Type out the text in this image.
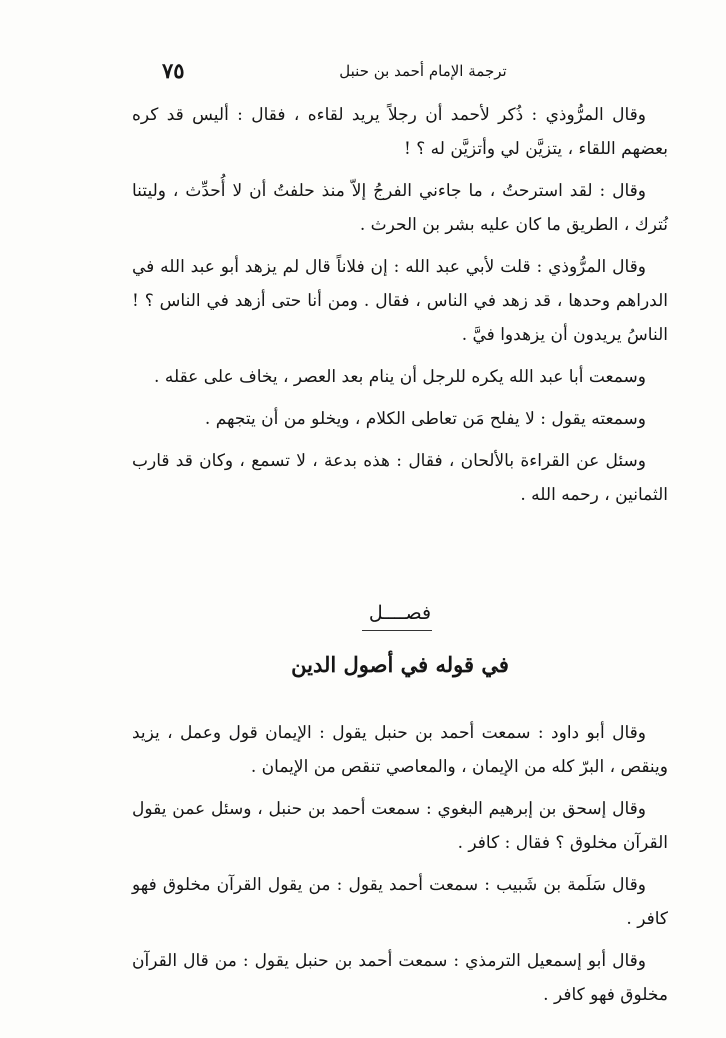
٧٥	ترجمة الإمام أحمد بن حنبل

وقال المرُّوذي : ذُكر لأحمد أن رجلاً يريد لقاءه ، فقال : أليس قد كره بعضهم اللقاء ، يتزيَّن لي وأتزيَّن له ؟ !

وقال : لقد استرحتُ ، ما جاءني الفرجُ إلاّ منذ حلفتُ أن لا أُحدِّث ، وليتنا نُترك ، الطريق ما كان عليه بشر بن الحرث .

وقال المرُّوذي : قلت لأبي عبد الله : إن فلاناً قال لم يزهد أبو عبد الله في الدراهم وحدها ، قد زهد في الناس ، فقال . ومن أنا حتى أزهد في الناس ؟ ! الناسُ يريدون أن يزهدوا فيَّ .

وسمعت أبا عبد الله يكره للرجل أن ينام بعد العصر ، يخاف على عقله .

وسمعته يقول : لا يفلح مَن تعاطى الكلام ، ويخلو من أن يتجهم .

وسئل عن القراءة بالألحان ، فقال : هذه بدعة ، لا تسمع ، وكان قد قارب الثمانين ، رحمه الله .

فصــــل
في قوله في أصول الدين

وقال أبو داود : سمعت أحمد بن حنبل يقول : الإيمان قول وعمل ، يزيد وينقص ، البرّ كله من الإيمان ، والمعاصي تنقص من الإيمان .

وقال إسحق بن إبرهيم البغوي : سمعت أحمد بن حنبل ، وسئل عمن يقول القرآن مخلوق ؟ فقال : كافر .

وقال سَلَمة بن شَبيب : سمعت أحمد يقول : من يقول القرآن مخلوق فهو كافر .

وقال أبو إسمعيل الترمذي : سمعت أحمد بن حنبل يقول : من قال القرآن مخلوق فهو كافر .
